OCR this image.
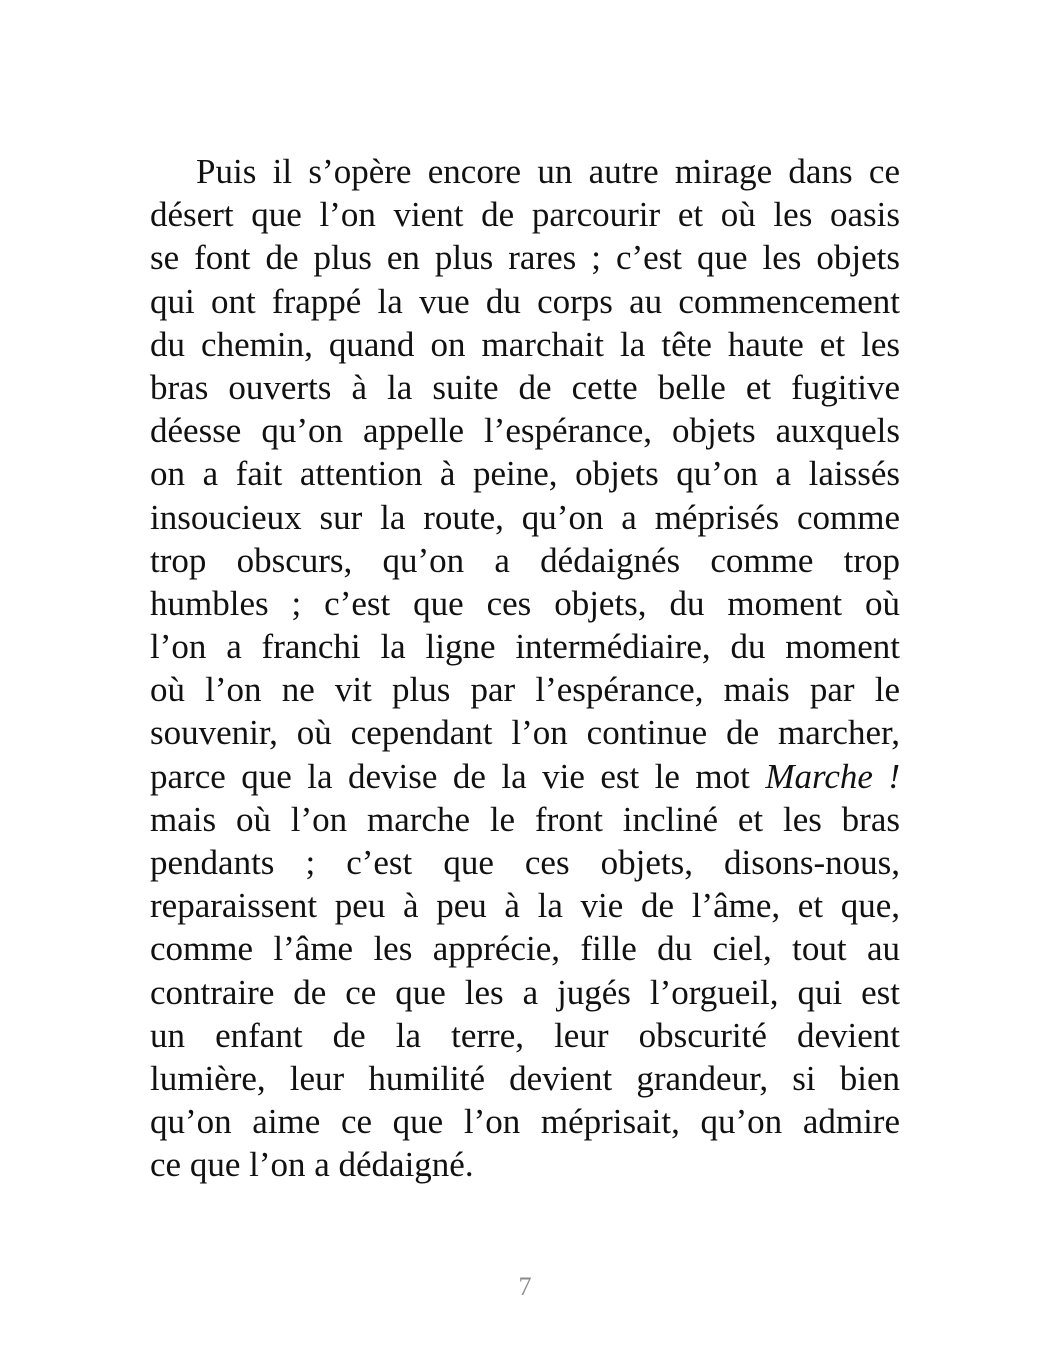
Puis il s’opère encore un autre mirage dans ce
désert que l’on vient de parcourir et où les oasis
se font de plus en plus rares ; c’est que les objets
qui ont frappé la vue du corps au commencement
du chemin, quand on marchait la tête haute et les
bras ouverts à la suite de cette belle et fugitive
déesse qu’on appelle l’espérance, objets auxquels
on a fait attention à peine, objets qu’on a laissés
insoucieux sur la route, qu’on a méprisés comme
trop obscurs, qu’on a dédaignés comme trop
humbles ; c’est que ces objets, du moment où
l’on a franchi la ligne intermédiaire, du moment
où l’on ne vit plus par l’espérance, mais par le
souvenir, où cependant l’on continue de marcher,
parce que la devise de la vie est le mot Marche !
mais où l’on marche le front incliné et les bras
pendants ; c’est que ces objets, disons-nous,
reparaissent peu à peu à la vie de l’âme, et que,
comme l’âme les apprécie, fille du ciel, tout au
contraire de ce que les a jugés l’orgueil, qui est
un enfant de la terre, leur obscurité devient
lumière, leur humilité devient grandeur, si bien
qu’on aime ce que l’on méprisait, qu’on admire
ce que l’on a dédaigné.
7
